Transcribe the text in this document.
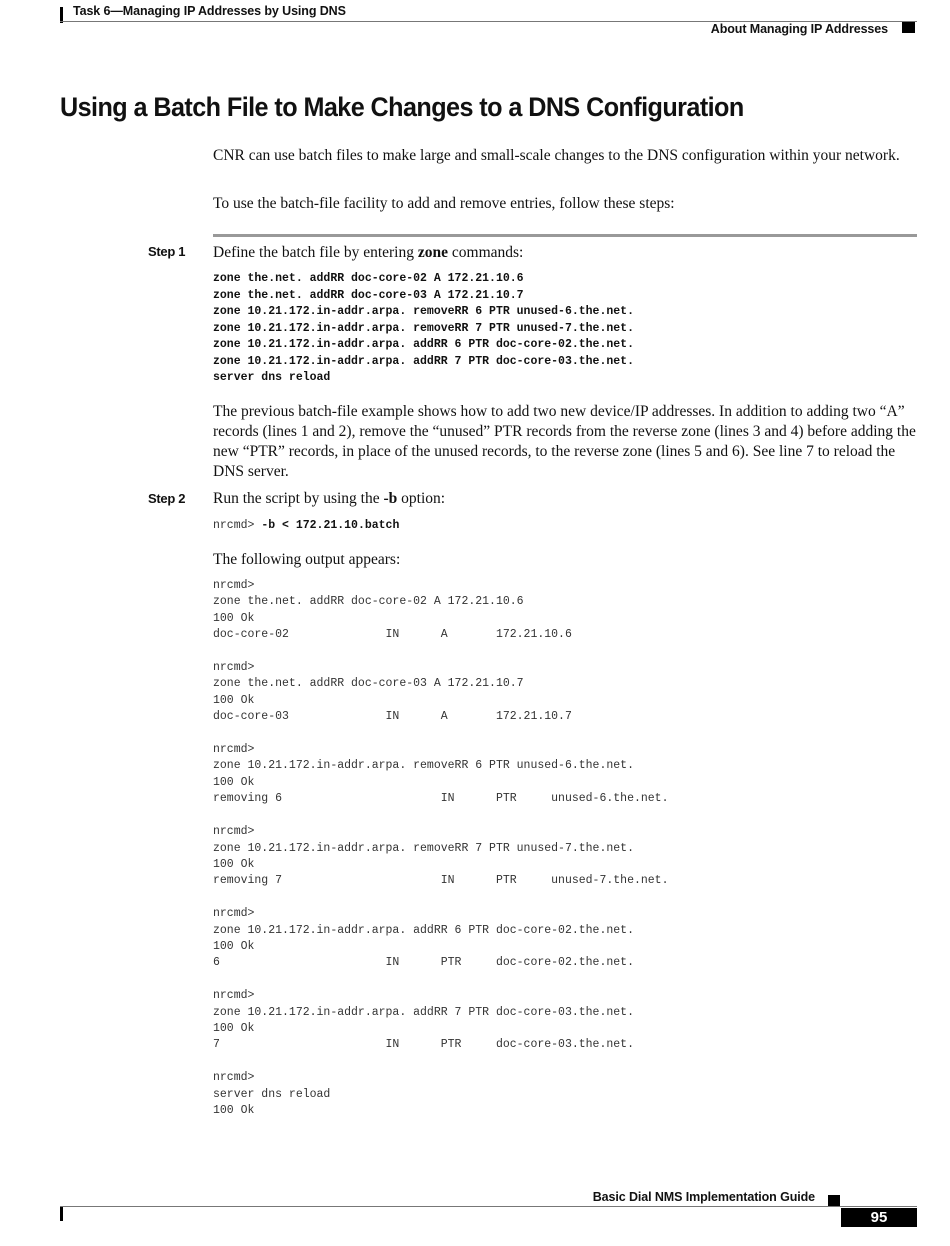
Task 6—Managing IP Addresses by Using DNS
About Managing IP Addresses
Using a Batch File to Make Changes to a DNS Configuration

CNR can use batch files to make large and small-scale changes to the DNS configuration within your network.

To use the batch-file facility to add and remove entries, follow these steps:

Step 1 Define the batch file by entering zone commands:

zone the.net. addRR doc-core-02 A 172.21.10.6
zone the.net. addRR doc-core-03 A 172.21.10.7
zone 10.21.172.in-addr.arpa. removeRR 6 PTR unused-6.the.net.
zone 10.21.172.in-addr.arpa. removeRR 7 PTR unused-7.the.net.
zone 10.21.172.in-addr.arpa. addRR 6 PTR doc-core-02.the.net.
zone 10.21.172.in-addr.arpa. addRR 7 PTR doc-core-03.the.net.
server dns reload

The previous batch-file example shows how to add two new device/IP addresses. In addition to adding two “A” records (lines 1 and 2), remove the “unused” PTR records from the reverse zone (lines 3 and 4) before adding the new “PTR” records, in place of the unused records, to the reverse zone (lines 5 and 6). See line 7 to reload the DNS server.

Step 2 Run the script by using the -b option:

nrcmd> -b < 172.21.10.batch

The following output appears:

nrcmd>
zone the.net. addRR doc-core-02 A 172.21.10.6
100 Ok
doc-core-02              IN      A       172.21.10.6

nrcmd>
zone the.net. addRR doc-core-03 A 172.21.10.7
100 Ok
doc-core-03              IN      A       172.21.10.7

nrcmd>
zone 10.21.172.in-addr.arpa. removeRR 6 PTR unused-6.the.net.
100 Ok
removing 6                       IN      PTR     unused-6.the.net.

nrcmd>
zone 10.21.172.in-addr.arpa. removeRR 7 PTR unused-7.the.net.
100 Ok
removing 7                       IN      PTR     unused-7.the.net.

nrcmd>
zone 10.21.172.in-addr.arpa. addRR 6 PTR doc-core-02.the.net.
100 Ok
6                        IN      PTR     doc-core-02.the.net.

nrcmd>
zone 10.21.172.in-addr.arpa. addRR 7 PTR doc-core-03.the.net.
100 Ok
7                        IN      PTR     doc-core-03.the.net.

nrcmd>
server dns reload
100 Ok
Basic Dial NMS Implementation Guide
95
